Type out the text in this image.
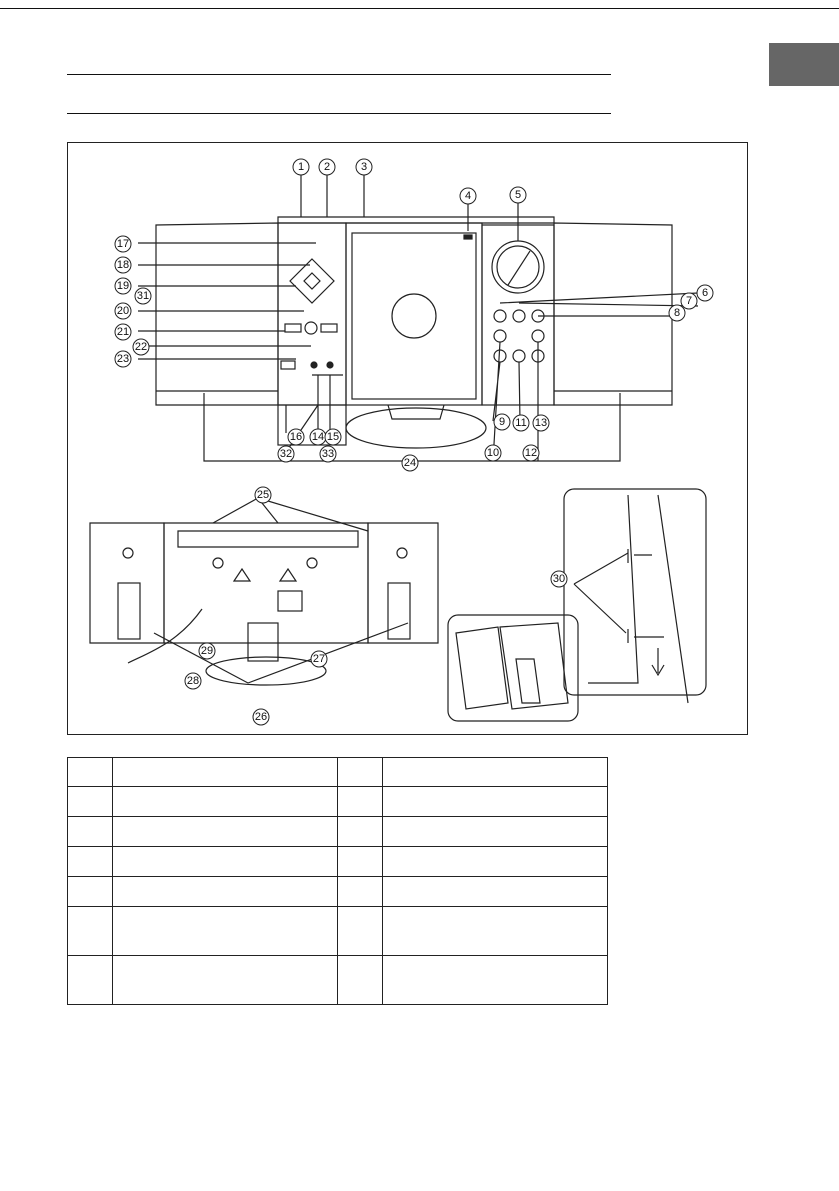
1 2	3
4	5
6
7
8
9
10
11
12
13
14 15
16
17
18
19
20
21
22
23
24
25
26
27
28
29
30
31
32	33
